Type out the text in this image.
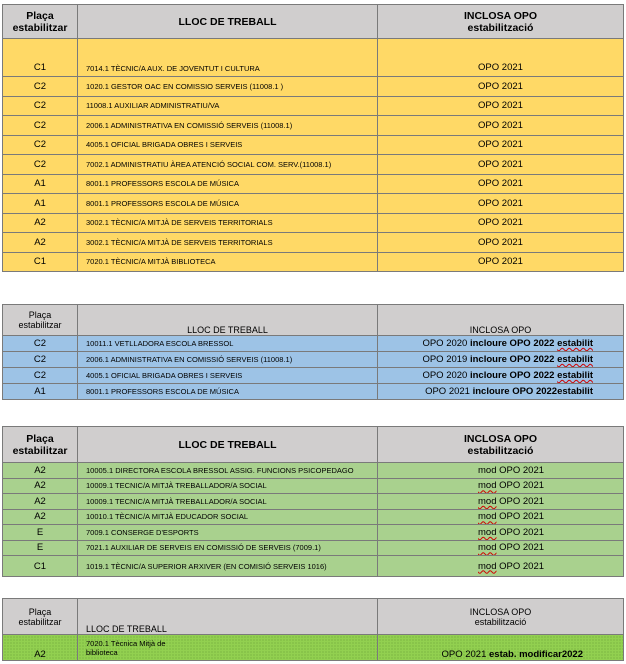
Plaça
estabilitzar	LLOC DE TREBALL	INCLOSA OPO
estabilització
C1	7014.1 TÈCNIC/A AUX. DE JOVENTUT I CULTURA	OPO 2021
C2	1020.1 GESTOR OAC EN COMISSIO SERVEIS (11008.1 )	OPO 2021
C2	11008.1 AUXILIAR ADMINISTRATIU/VA	OPO 2021
C2	2006.1 ADMINISTRATIVA EN COMISSIÓ SERVEIS (11008.1)	OPO 2021
C2	4005.1 OFICIAL BRIGADA OBRES I SERVEIS	OPO 2021
C2	7002.1 ADMINISTRATIU ÀREA ATENCIÓ SOCIAL COM. SERV.(11008.1)	OPO 2021
A1	8001.1 PROFESSORS ESCOLA DE MÚSICA	OPO 2021
A1	8001.1 PROFESSORS ESCOLA DE MÚSICA	OPO 2021
A2	3002.1 TÈCNIC/A MITJÀ DE SERVEIS TERRITORIALS	OPO 2021
A2	3002.1 TÈCNIC/A MITJÀ DE SERVEIS TERRITORIALS	OPO 2021
C1	7020.1 TÈCNIC/A MITJÀ BIBLIOTECA	OPO 2021
Plaça
estabilitzar	LLOC DE TREBALL	INCLOSA OPO
C2	10011.1 VETLLADORA ESCOLA BRESSOL	OPO 2020 incloure OPO 2022 estabilit
C2	2006.1 ADMINISTRATIVA EN COMISSIÓ SERVEIS (11008.1)	OPO 2019 incloure OPO 2022 estabilit
C2	4005.1 OFICIAL BRIGADA OBRES I SERVEIS	OPO 2020 incloure OPO 2022 estabilit
A1	8001.1 PROFESSORS ESCOLA DE MÚSICA	OPO 2021 incloure OPO 2022estabilit
Plaça
estabilitzar	LLOC DE TREBALL	INCLOSA OPO
estabilització
A2	10005.1 DIRECTORA ESCOLA BRESSOL ASSIG. FUNCIONS PSICOPEDAGO	mod OPO 2021
A2	10009.1 TECNIC/A MITJÀ TREBALLADOR/A SOCIAL	mod OPO 2021
A2	10009.1 TECNIC/A MITJÀ TREBALLADOR/A SOCIAL	mod OPO 2021
A2	10010.1 TÈCNIC/A MITJÀ EDUCADOR SOCIAL	mod OPO 2021
E	7009.1 CONSERGE D'ESPORTS	mod OPO 2021
E	7021.1 AUXILIAR DE SERVEIS EN COMISSIÓ DE SERVEIS (7009.1)	mod OPO 2021
C1	1019.1 TÈCNIC/A SUPERIOR ARXIVER (EN COMISIÓ SERVEIS 1016)	mod OPO 2021
Plaça
estabilitzar	LLOC DE TREBALL	INCLOSA OPO
estabilització
A2	7020.1 Tècnica Mitjà de
biblioteca	OPO 2021 estab. modificar2022
